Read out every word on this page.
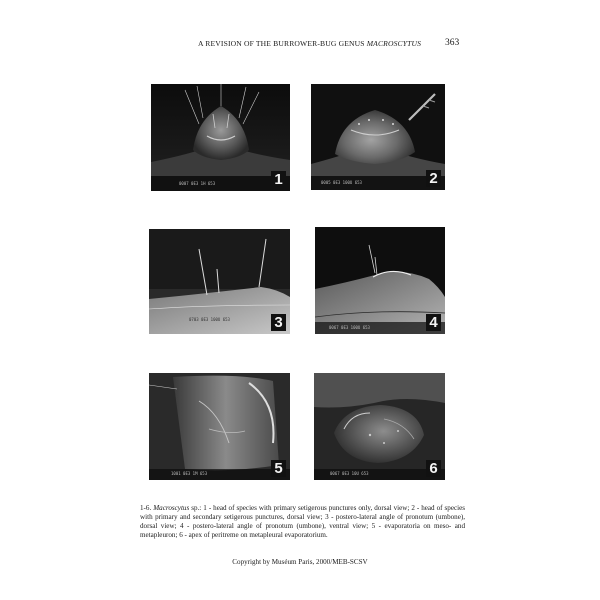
A REVISION OF THE BURROWER-BUG GENUS MACROSCYTUS	363
0007 0E3 1H 653	1	0005 0E3 100U 653	2
0703 0E3 100U 653	3	0067 0E3 100U 653	4
1001 0E3 1M 653	5	0067 0E3 10U 653	6
1-6. Macroscytus sp.: 1 - head of species with primary setigerous punctures only, dorsal view; 2 - head of species with primary and secondary setigerous punctures, dorsal view; 3 - postero-lateral angle of pronotum (umbone), dorsal view; 4 - postero-lateral angle of pronotum (umbone), ventral view; 5 - evaporatoria on meso- and metapleuron; 6 - apex of peritreme on metapleural evaporatorium.
Copyright by Muséum Paris, 2000/MEB-SCSV
